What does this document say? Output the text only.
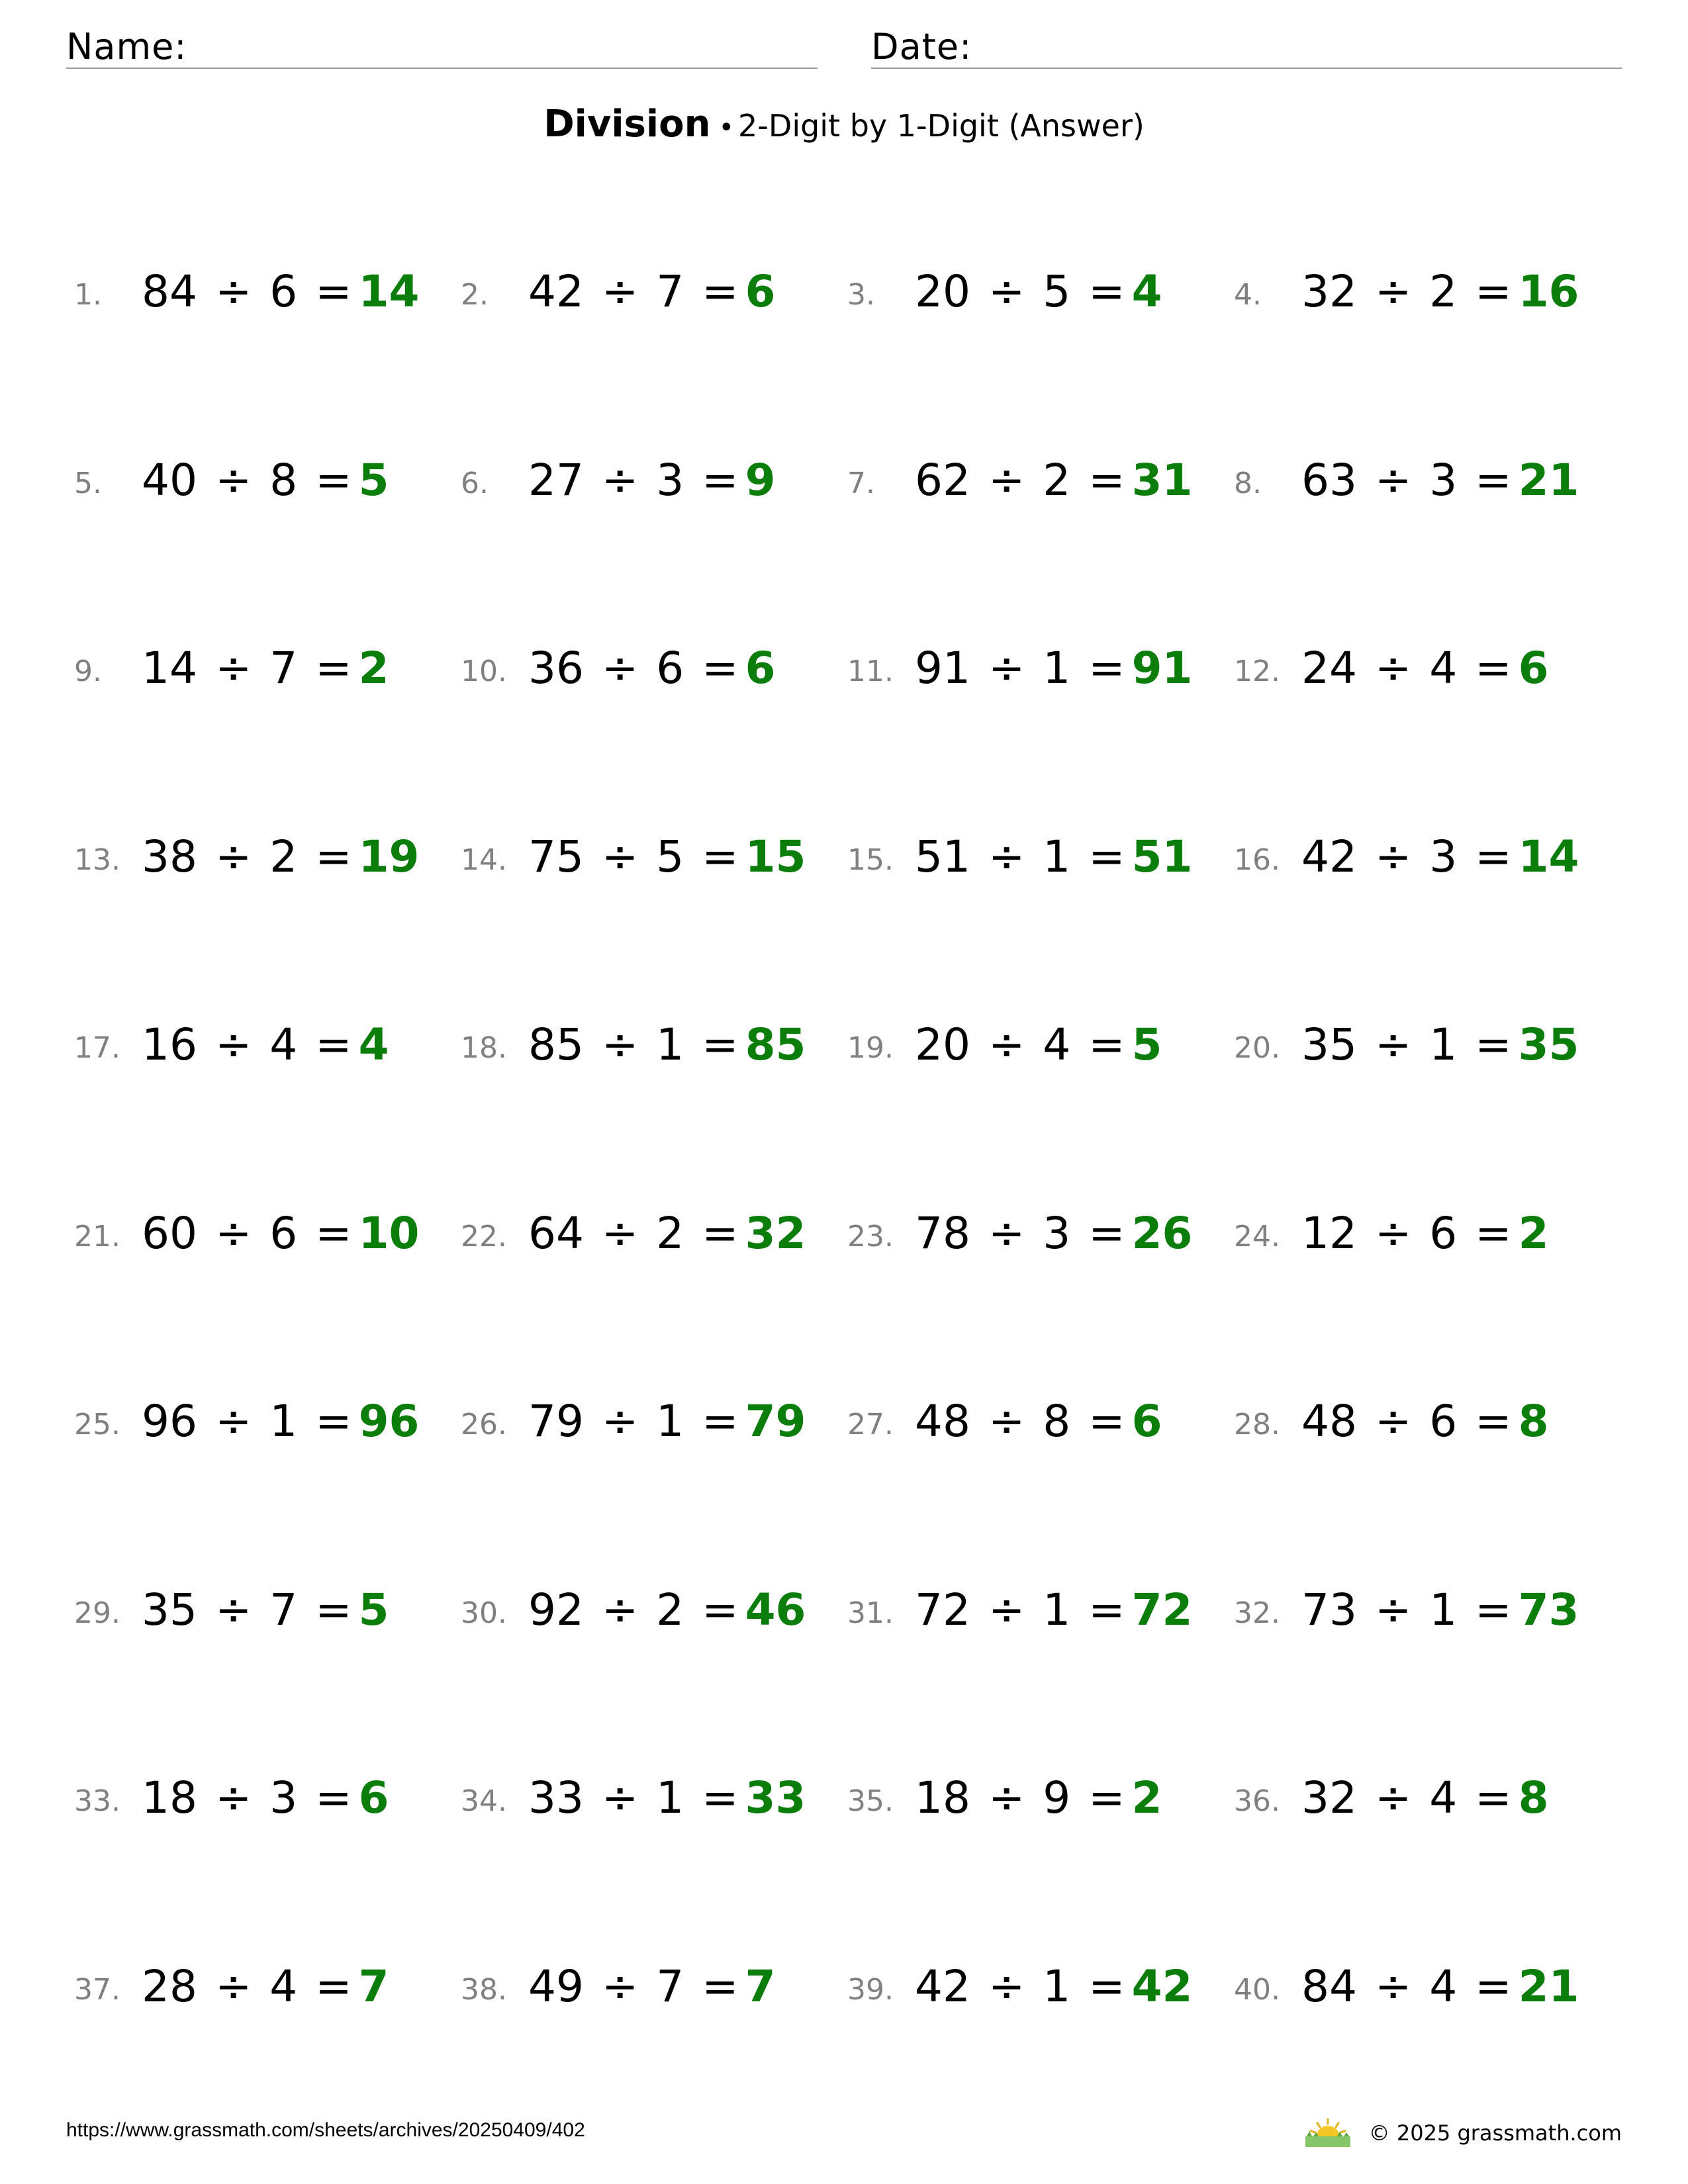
Name:	Date:
Division • 2-Digit by 1-Digit (Answer)
1. 84 ÷ 6 = 14 2. 42 ÷ 7 = 6 3. 20 ÷ 5 = 4 4. 32 ÷ 2 = 16
5. 40 ÷ 8 = 5 6. 27 ÷ 3 = 9 7. 62 ÷ 2 = 31 8. 63 ÷ 3 = 21
9. 14 ÷ 7 = 2 10. 36 ÷ 6 = 6 11. 91 ÷ 1 = 91 12. 24 ÷ 4 = 6
13. 38 ÷ 2 = 19 14. 75 ÷ 5 = 15 15. 51 ÷ 1 = 51 16. 42 ÷ 3 = 14
17. 16 ÷ 4 = 4 18. 85 ÷ 1 = 85 19. 20 ÷ 4 = 5 20. 35 ÷ 1 = 35
21. 60 ÷ 6 = 10 22. 64 ÷ 2 = 32 23. 78 ÷ 3 = 26 24. 12 ÷ 6 = 2
25. 96 ÷ 1 = 96 26. 79 ÷ 1 = 79 27. 48 ÷ 8 = 6 28. 48 ÷ 6 = 8
29. 35 ÷ 7 = 5 30. 92 ÷ 2 = 46 31. 72 ÷ 1 = 72 32. 73 ÷ 1 = 73
33. 18 ÷ 3 = 6 34. 33 ÷ 1 = 33 35. 18 ÷ 9 = 2 36. 32 ÷ 4 = 8
37. 28 ÷ 4 = 7 38. 49 ÷ 7 = 7 39. 42 ÷ 1 = 42 40. 84 ÷ 4 = 21
https://www.grassmath.com/sheets/archives/20250409/402	© 2025 grassmath.com
